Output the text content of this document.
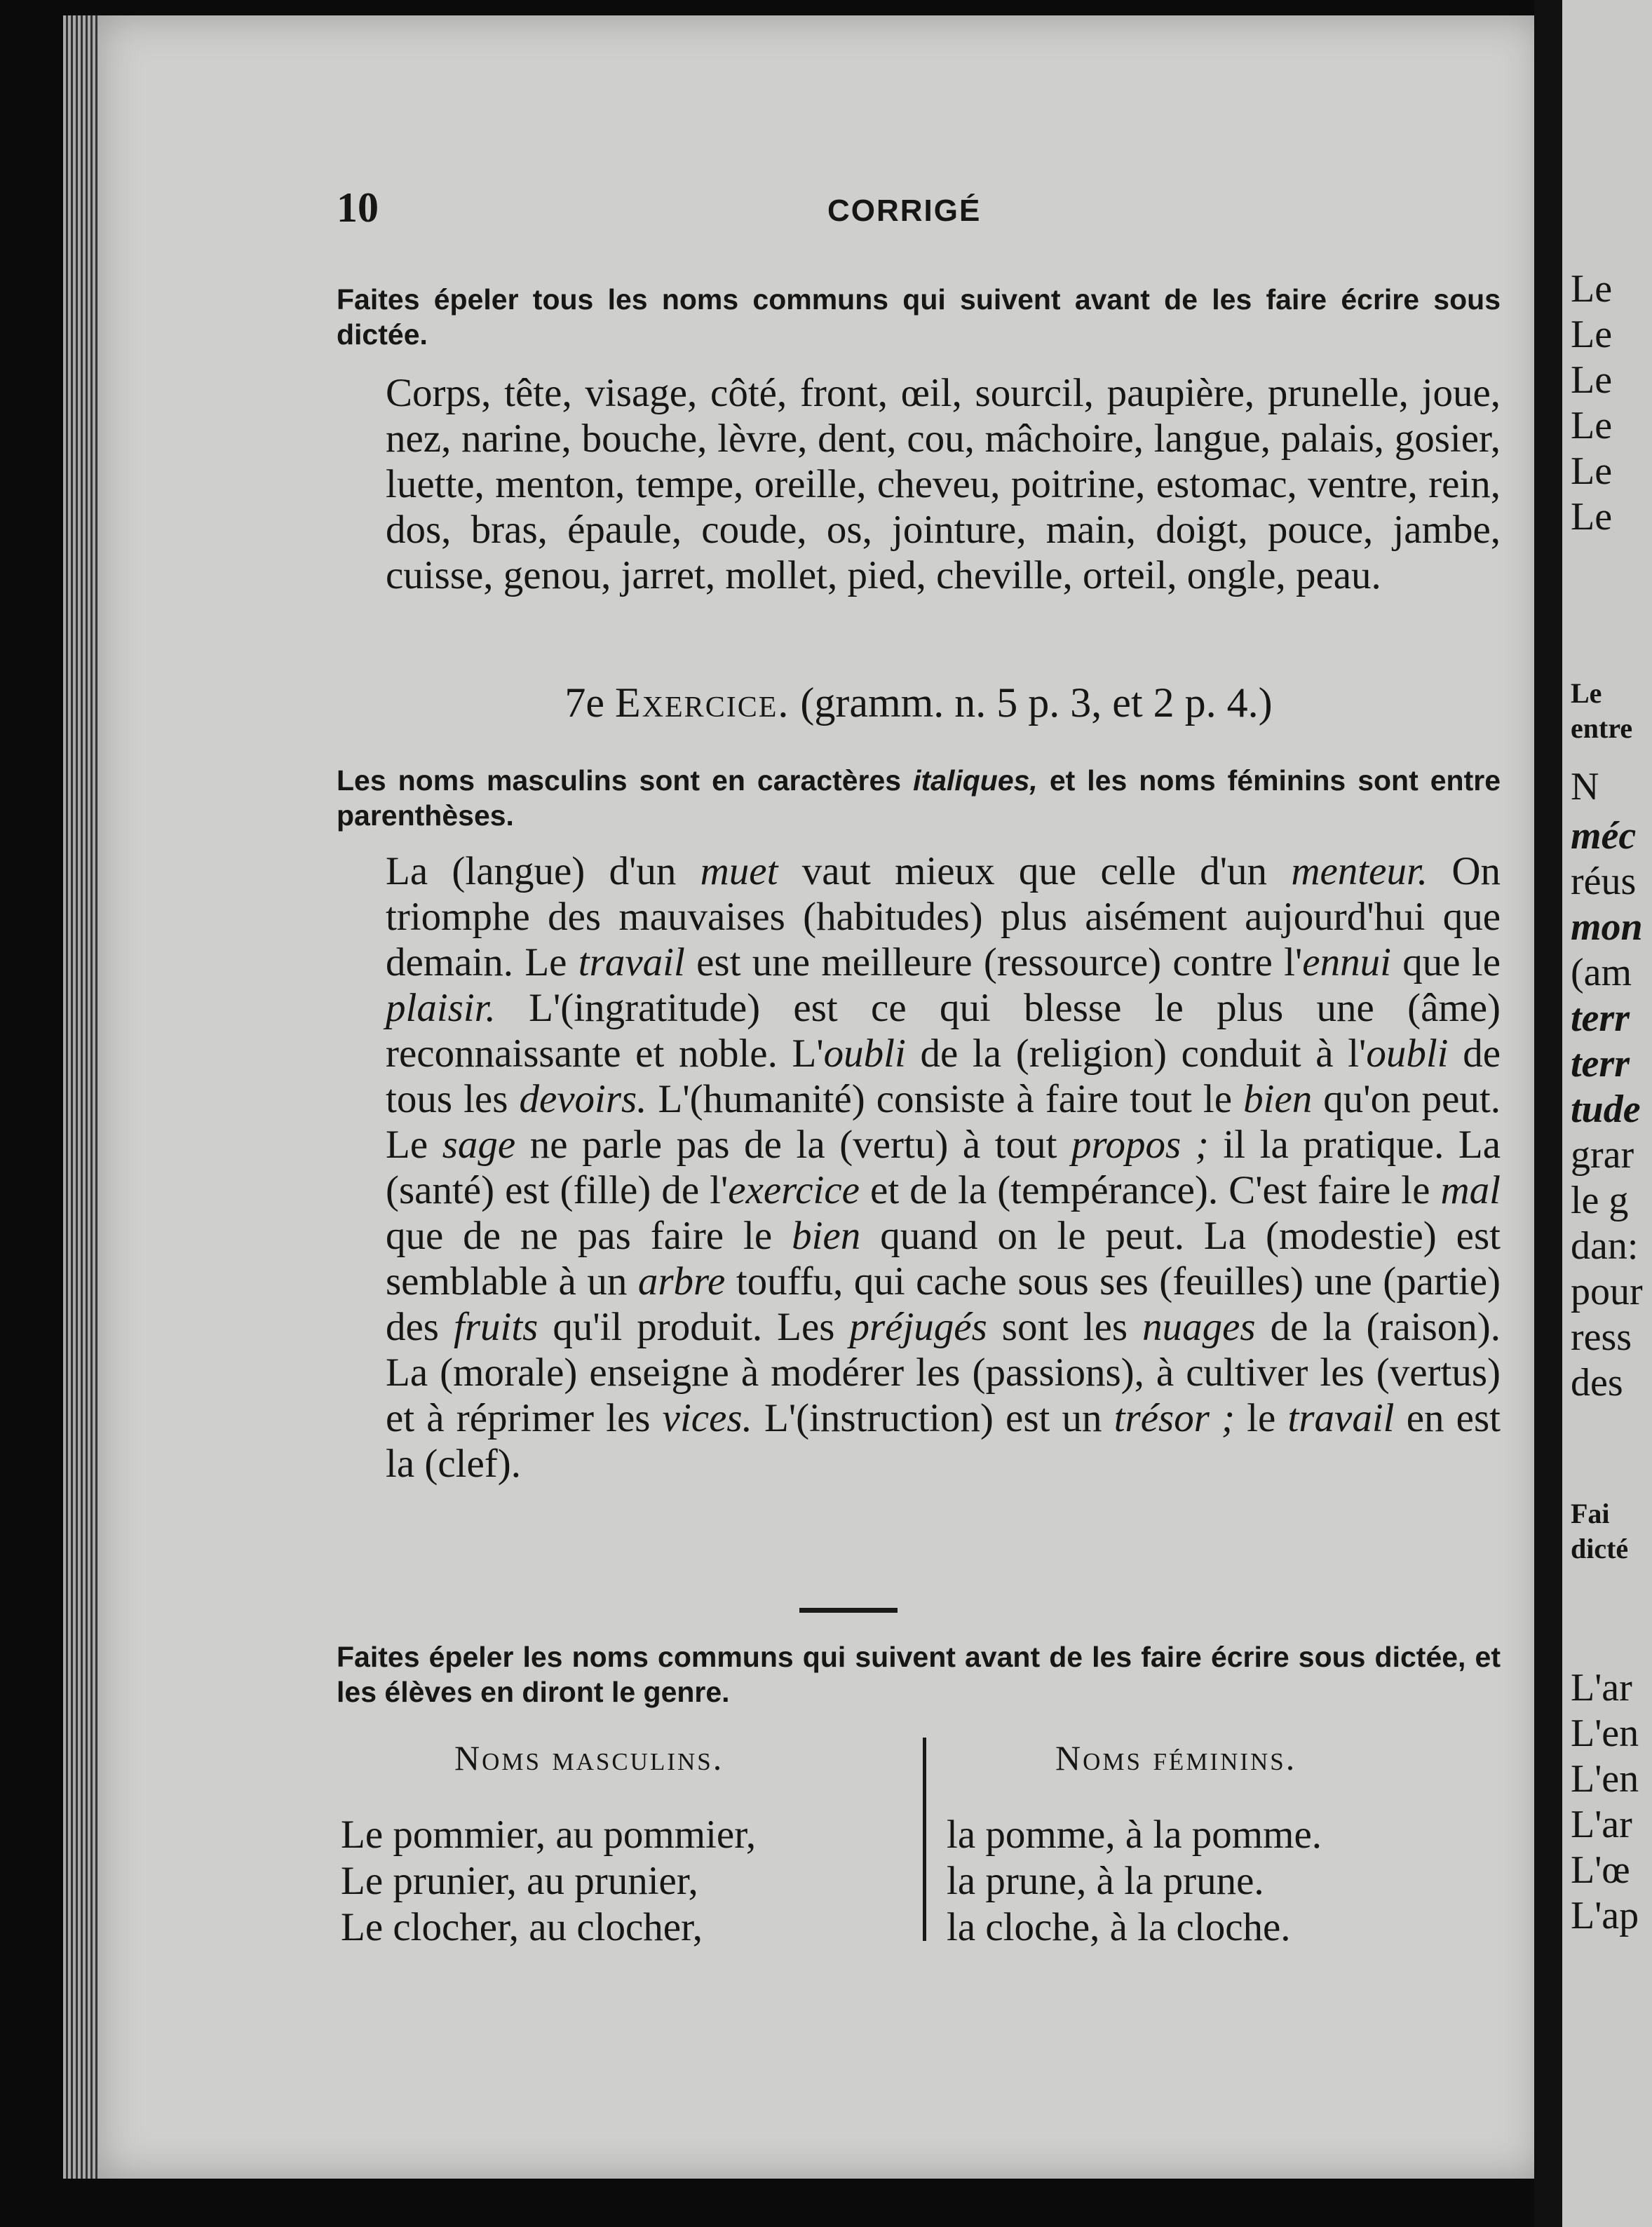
Le
Le
Le
Le
Le
Le
Le
entre
N
méc
réus
mon
(am
terr
terr
tude
grar
le g
dan:
pour
ress
des
Fai
dicté
L'ar
L'en
L'en
L'ar
L'œ
L'ap
10	CORRIGÉ
Faites épeler tous les noms communs qui suivent avant de les faire écrire sous dictée.
Corps, tête, visage, côté, front, œil, sourcil, paupière, prunelle, joue, nez, narine, bouche, lèvre, dent, cou, mâchoire, langue, palais, gosier, luette, menton, tempe, oreille, cheveu, poitrine, estomac, ventre, rein, dos, bras, épaule, coude, os, jointure, main, doigt, pouce, jambe, cuisse, genou, jarret, mollet, pied, cheville, orteil, ongle, peau.
7e Exercice. (gramm. n. 5 p. 3, et 2 p. 4.)
Les noms masculins sont en caractères italiques, et les noms féminins sont entre parenthèses.
La (langue) d'un muet vaut mieux que celle d'un menteur. On triomphe des mauvaises (habitudes) plus aisément aujourd'hui que demain. Le travail est une meilleure (ressource) contre l'ennui que le plaisir. L'(ingratitude) est ce qui blesse le plus une (âme) reconnaissante et noble. L'oubli de la (religion) conduit à l'oubli de tous les devoirs. L'(humanité) consiste à faire tout le bien qu'on peut. Le sage ne parle pas de la (vertu) à tout propos ; il la pratique. La (santé) est (fille) de l'exercice et de la (tempérance). C'est faire le mal que de ne pas faire le bien quand on le peut. La (modestie) est semblable à un arbre touffu, qui cache sous ses (feuilles) une (partie) des fruits qu'il produit. Les préjugés sont les nuages de la (raison). La (morale) enseigne à modérer les (passions), à cultiver les (vertus) et à réprimer les vices. L'(instruction) est un trésor ; le travail en est la (clef).
Faites épeler les noms communs qui suivent avant de les faire écrire sous dictée, et les élèves en diront le genre.
Noms masculins.	Noms féminins.
Le pommier, au pommier,
Le prunier, au prunier,
Le clocher, au clocher,
la pomme, à la pomme.
la prune, à la prune.
la cloche, à la cloche.
